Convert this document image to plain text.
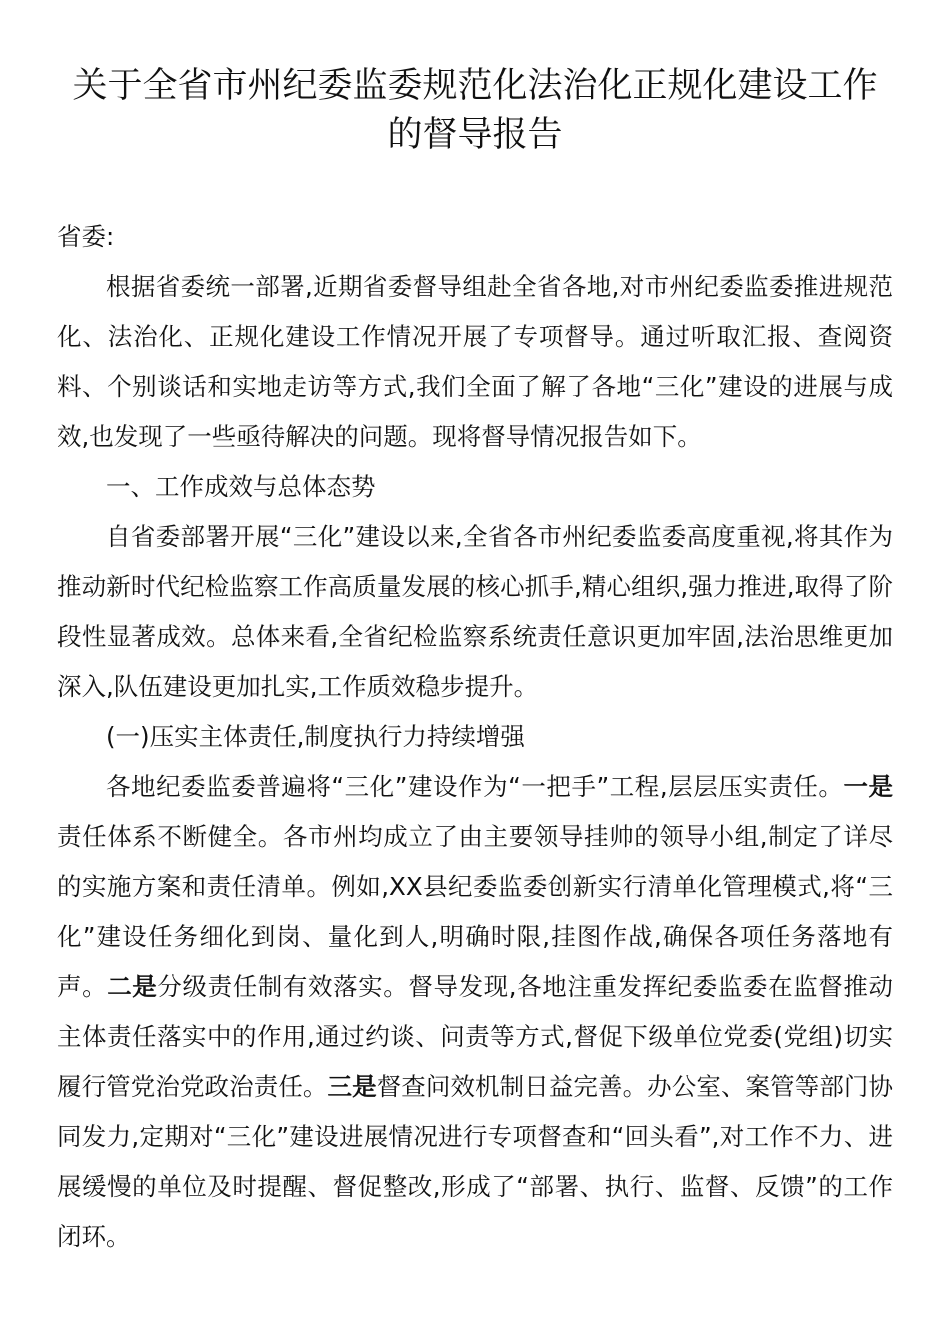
关于全省市州纪委监委规范化法治化正规化建设工作
的督导报告

省委:

根据省委统一部署,近期省委督导组赴全省各地,对市州纪委监委推进规范化、法治化、正规化建设工作情况开展了专项督导。通过听取汇报、查阅资料、个别谈话和实地走访等方式,我们全面了解了各地“三化”建设的进展与成效,也发现了一些亟待解决的问题。现将督导情况报告如下。

一、工作成效与总体态势

自省委部署开展“三化”建设以来,全省各市州纪委监委高度重视,将其作为推动新时代纪检监察工作高质量发展的核心抓手,精心组织,强力推进,取得了阶段性显著成效。总体来看,全省纪检监察系统责任意识更加牢固,法治思维更加深入,队伍建设更加扎实,工作质效稳步提升。

(一)压实主体责任,制度执行力持续增强

各地纪委监委普遍将“三化”建设作为“一把手”工程,层层压实责任。一是责任体系不断健全。各市州均成立了由主要领导挂帅的领导小组,制定了详尽的实施方案和责任清单。例如,XX县纪委监委创新实行清单化管理模式,将“三化”建设任务细化到岗、量化到人,明确时限,挂图作战,确保各项任务落地有声。二是分级责任制有效落实。督导发现,各地注重发挥纪委监委在监督推动主体责任落实中的作用,通过约谈、问责等方式,督促下级单位党委(党组)切实履行管党治党政治责任。三是督查问效机制日益完善。办公室、案管等部门协同发力,定期对“三化”建设进展情况进行专项督查和“回头看”,对工作不力、进展缓慢的单位及时提醒、督促整改,形成了“部署、执行、监督、反馈”的工作闭环。
